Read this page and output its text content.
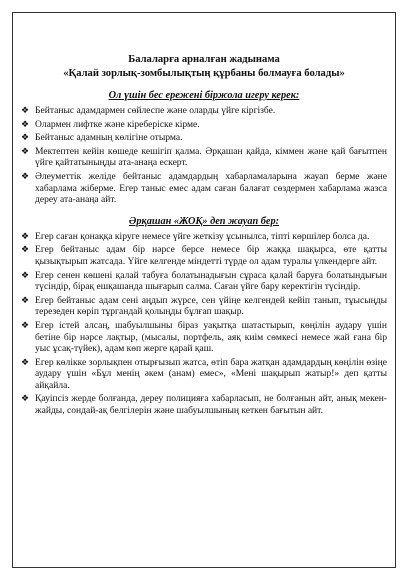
Балаларға арналған жадынама
«Қалай зорлық-зомбылықтың құрбаны болмауға болады»
Ол үшін бес ережені біржола игеру керек:
❖ Бейтаныс адамдармен сөйлеспе және оларды үйге кіргізбе.
❖ Олармен лифтке және кіреберіске кірме.
❖ Бейтаныс адамның көлігіне отырма.
❖ Мектептен кейін көшеде кешігіп қалма. Әрқашан қайда, кіммен және қай бағытпен үйге қайтатыныңды ата-анаңа ескерт.
❖ Әлеуметтік желіде бейтаныс адамдардың хабарламаларына жауап берме және хабарлама жіберме. Егер таныс емес адам саған балағат сөздермен хабарлама жазса дереу ата-анаңа айт.
Әрқашан «ЖОҚ» деп жауап бер:
❖ Егер саған қонаққа кіруге немесе үйге жеткізу ұсынылса, тіпті көршілер болса да.
❖ Егер бейтаныс адам бір нәрсе берсе немесе бір жаққа шақырса, өте қатты қызықтырып жатсада. Үйге келгенде міндетті түрде ол адам туралы үлкендерге айт.
❖ Егер сенен көшені қалай табуға болатынадығын сұраса қалай баруға болатындығын түсіндір, бірақ ешқашанда шығарып салма. Саған үйге бару керектігін түсіндір.
❖ Егер бейтаныс адам сені аңдып жүрсе, сен үйіңе келгендей кейіп танып, тұысыңды терезеден көріп тұргандай қолыңды бұлғап шақыр.
❖ Егер істей алсаң, шабуылшыны біраз уақытқа шатастырып, көңілін аудару үшін бетіне бір нәрсе лақтыр, (мысалы, портфель, аяқ киім сөмкесі немесе жай ғана бір уыс ұсақ-түйек), адам көп жерге қарай қаш.
❖ Егер көлікке зорлықпен отырғызып жатса, өтіп бара жатқан адамдардың көңілін өзіңе аудару үшін «Бұл менің әкем (анам) емес», «Мені шақырып жатыр!» деп қатты айқайла.
❖ Қауіпсіз жерде болғанда, дереу полицияға хабарласып, не болғанын айт, анық мекен-жайды, сондай-ақ белгілерін және шабуылшының кеткен бағытын айт.
